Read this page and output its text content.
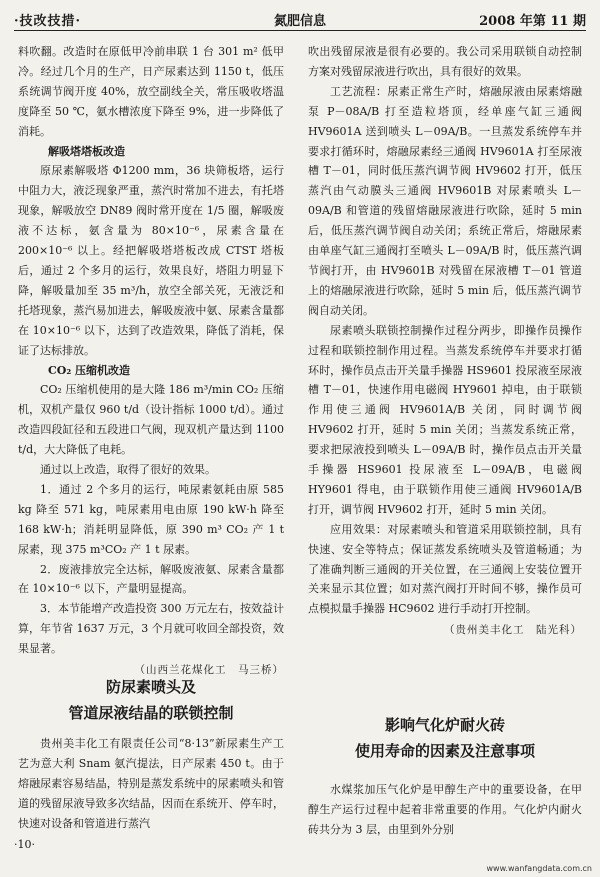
·技改技措·	氮肥信息	2008 年第 11 期

料吹翻。改造时在原低甲冷前串联 1 台 301 m² 低甲冷。经过几个月的生产，日产尿素达到 1150 t，低压系统调节阀开度 40%，放空副线全关，常压吸收塔温度降至 50 ℃，氨水槽浓度下降至 9%，进一步降低了消耗。

解吸塔塔板改造

原尿素解吸塔 Φ1200 mm，36 块筛板塔，运行中阻力大，液泛现象严重，蒸汽时常加不进去，有托塔现象，解吸放空 DN89 阀时常开度在 1/5 圈，解吸废液不达标，氨含量为 80×10⁻⁶，尿素含量在 200×10⁻⁶ 以上。经把解吸塔塔板改成 CTST 塔板后，通过 2 个多月的运行，效果良好，塔阻力明显下降，解吸量加至 35 m³/h，放空全部关死，无液泛和托塔现象，蒸汽易加进去，解吸废液中氨、尿素含量都在 10×10⁻⁶ 以下，达到了改造效果，降低了消耗，保证了达标排放。

CO₂ 压缩机改造

CO₂ 压缩机使用的是大隆 186 m³/min CO₂ 压缩机，双机产量仅 960 t/d（设计指标 1000 t/d）。通过改造四段缸径和五段进口气阀，现双机产量达到 1100 t/d，大大降低了电耗。

通过以上改造，取得了很好的效果。

1．通过 2 个多月的运行，吨尿素氨耗由原 585 kg 降至 571 kg，吨尿素用电由原 190 kW·h 降至 168 kW·h；消耗明显降低，原 390 m³ CO₂ 产 1 t 尿素，现 375 m³CO₂ 产 1 t 尿素。

2．废液排放完全达标，解吸废液氨、尿素含量都在 10×10⁻⁶ 以下，产量明显提高。

3．本节能增产改造投资 300 万元左右，按效益计算，年节省 1637 万元，3 个月就可收回全部投资，效果显著。

（山西兰花煤化工　马三桥）
防尿素喷头及
管道尿液结晶的联锁控制

贵州美丰化工有限责任公司“8·13”新尿素生产工艺为意大利 Snam 氨汽提法，日产尿素 450 t。由于熔融尿素容易结晶，特别是蒸发系统中的尿素喷头和管道的残留尿液导致多次结晶，因而在系统开、停车时，快速对设备和管道进行蒸汽

吹出残留尿液是很有必要的。我公司采用联锁自动控制方案对残留尿液进行吹出，具有很好的效果。

工艺流程：尿素正常生产时，熔融尿液由尿素熔融泵 P－08A/B 打至造粒塔顶，经单座气缸三通阀 HV9601A 送到喷头 L－09A/B。一旦蒸发系统停车并要求打循环时，熔融尿素经三通阀 HV9601A 打至尿液槽 T－01，同时低压蒸汽调节阀 HV9602 打开，低压蒸汽由气动膜头三通阀 HV9601B 对尿素喷头 L－09A/B 和管道的残留熔融尿液进行吹除，延时 5 min 后，低压蒸汽调节阀自动关闭；系统正常后，熔融尿素由单座气缸三通阀打至喷头 L－09A/B 时，低压蒸汽调节阀打开，由 HV9601B 对残留在尿液槽 T－01 管道上的熔融尿液进行吹除，延时 5 min 后，低压蒸汽调节阀自动关闭。

尿素喷头联锁控制操作过程分两步，即操作员操作过程和联锁控制作用过程。当蒸发系统停车并要求打循环时，操作员点击开关量手操器 HS9601 投尿液至尿液槽 T－01，快速作用电磁阀 HY9601 掉电，由于联锁作用使三通阀 HV9601A/B 关闭，同时调节阀 HV9602 打开，延时 5 min 关闭；当蒸发系统正常，要求把尿液投到喷头 L－09A/B 时，操作员点击开关量手操器 HS9601 投尿液至 L－09A/B，电磁阀 HY9601 得电，由于联锁作用使三通阀 HV9601A/B 打开，调节阀 HV9602 打开，延时 5 min 关闭。

应用效果：对尿素喷头和管道采用联锁控制，具有快速、安全等特点；保证蒸发系统喷头及管道畅通；为了准确判断三通阀的开关位置，在三通阀上安装位置开关来显示其位置；如对蒸汽阀打开时间不够，操作员可点模拟量手操器 HC9602 进行手动打开控制。

（贵州美丰化工　陆光科）
影响气化炉耐火砖
使用寿命的因素及注意事项

水煤浆加压气化炉是甲醇生产中的重要设备，在甲醇生产运行过程中起着非常重要的作用。气化炉内耐火砖共分为 3 层，由里到外分别

·10·
www.wanfangdata.com.cn
